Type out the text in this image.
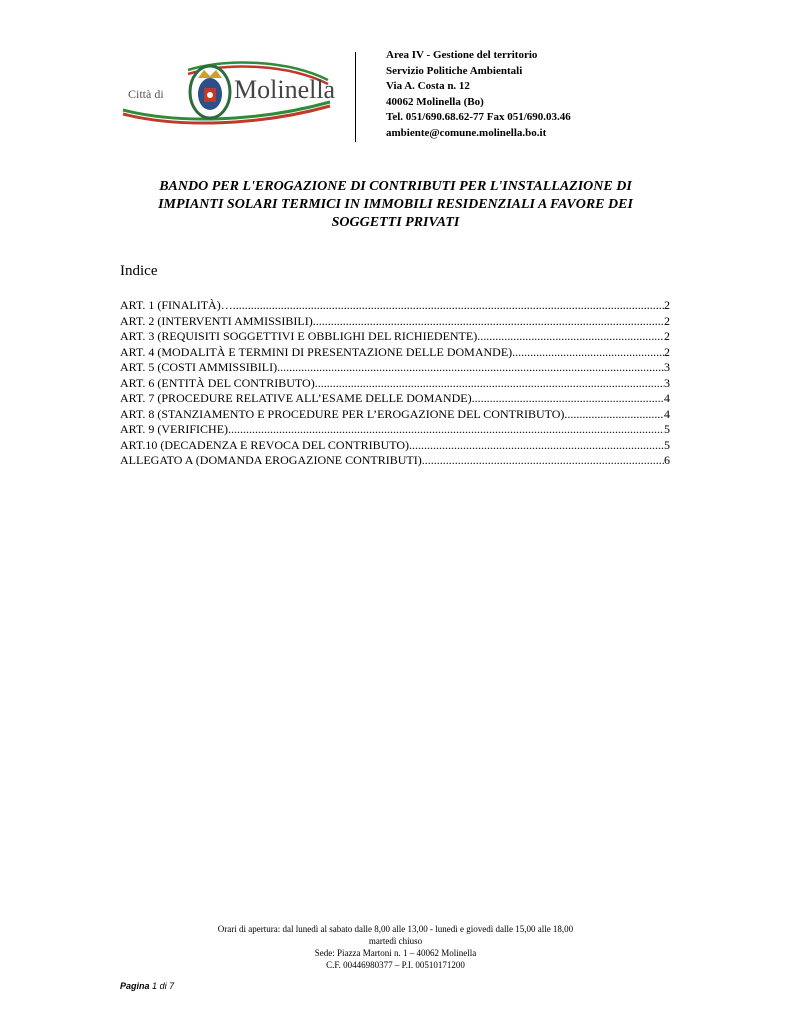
Città di	Molinella
Area IV - Gestione del territorio
Servizio Politiche Ambientali
Via A. Costa n. 12
40062 Molinella (Bo)
Tel. 051/690.68.62-77 Fax 051/690.03.46
ambiente@comune.molinella.bo.it
BANDO PER L'EROGAZIONE DI CONTRIBUTI PER L'INSTALLAZIONE DI
IMPIANTI SOLARI TERMICI IN IMMOBILI RESIDENZIALI A FAVORE DEI
SOGGETTI PRIVATI
Indice
ART. 1 (FINALITÀ)… .....	2
ART. 2 (INTERVENTI AMMISSIBILI) .....	2
ART. 3 (REQUISITI SOGGETTIVI E OBBLIGHI DEL RICHIEDENTE) .....	2
ART. 4 (MODALITÀ E TERMINI DI PRESENTAZIONE DELLE DOMANDE) .....	2
ART. 5 (COSTI AMMISSIBILI) .....	3
ART. 6 (ENTITÀ DEL CONTRIBUTO) .....	3
ART. 7 (PROCEDURE RELATIVE ALL’ESAME DELLE DOMANDE) .....	4
ART. 8 (STANZIAMENTO E PROCEDURE PER L’EROGAZIONE DEL CONTRIBUTO) .....	4
ART. 9 (VERIFICHE) .....	5
ART.10 (DECADENZA E REVOCA DEL CONTRIBUTO) .....	5
ALLEGATO A (DOMANDA EROGAZIONE CONTRIBUTI) .....	6
Orari di apertura: dal lunedì al sabato dalle 8,00 alle 13,00 - lunedì e giovedì dalle 15,00 alle 18,00
martedì chiuso
Sede: Piazza Martoni n. 1 – 40062 Molinella
C.F. 00446980377 – P.I. 00510171200
Pagina 1 di 7
